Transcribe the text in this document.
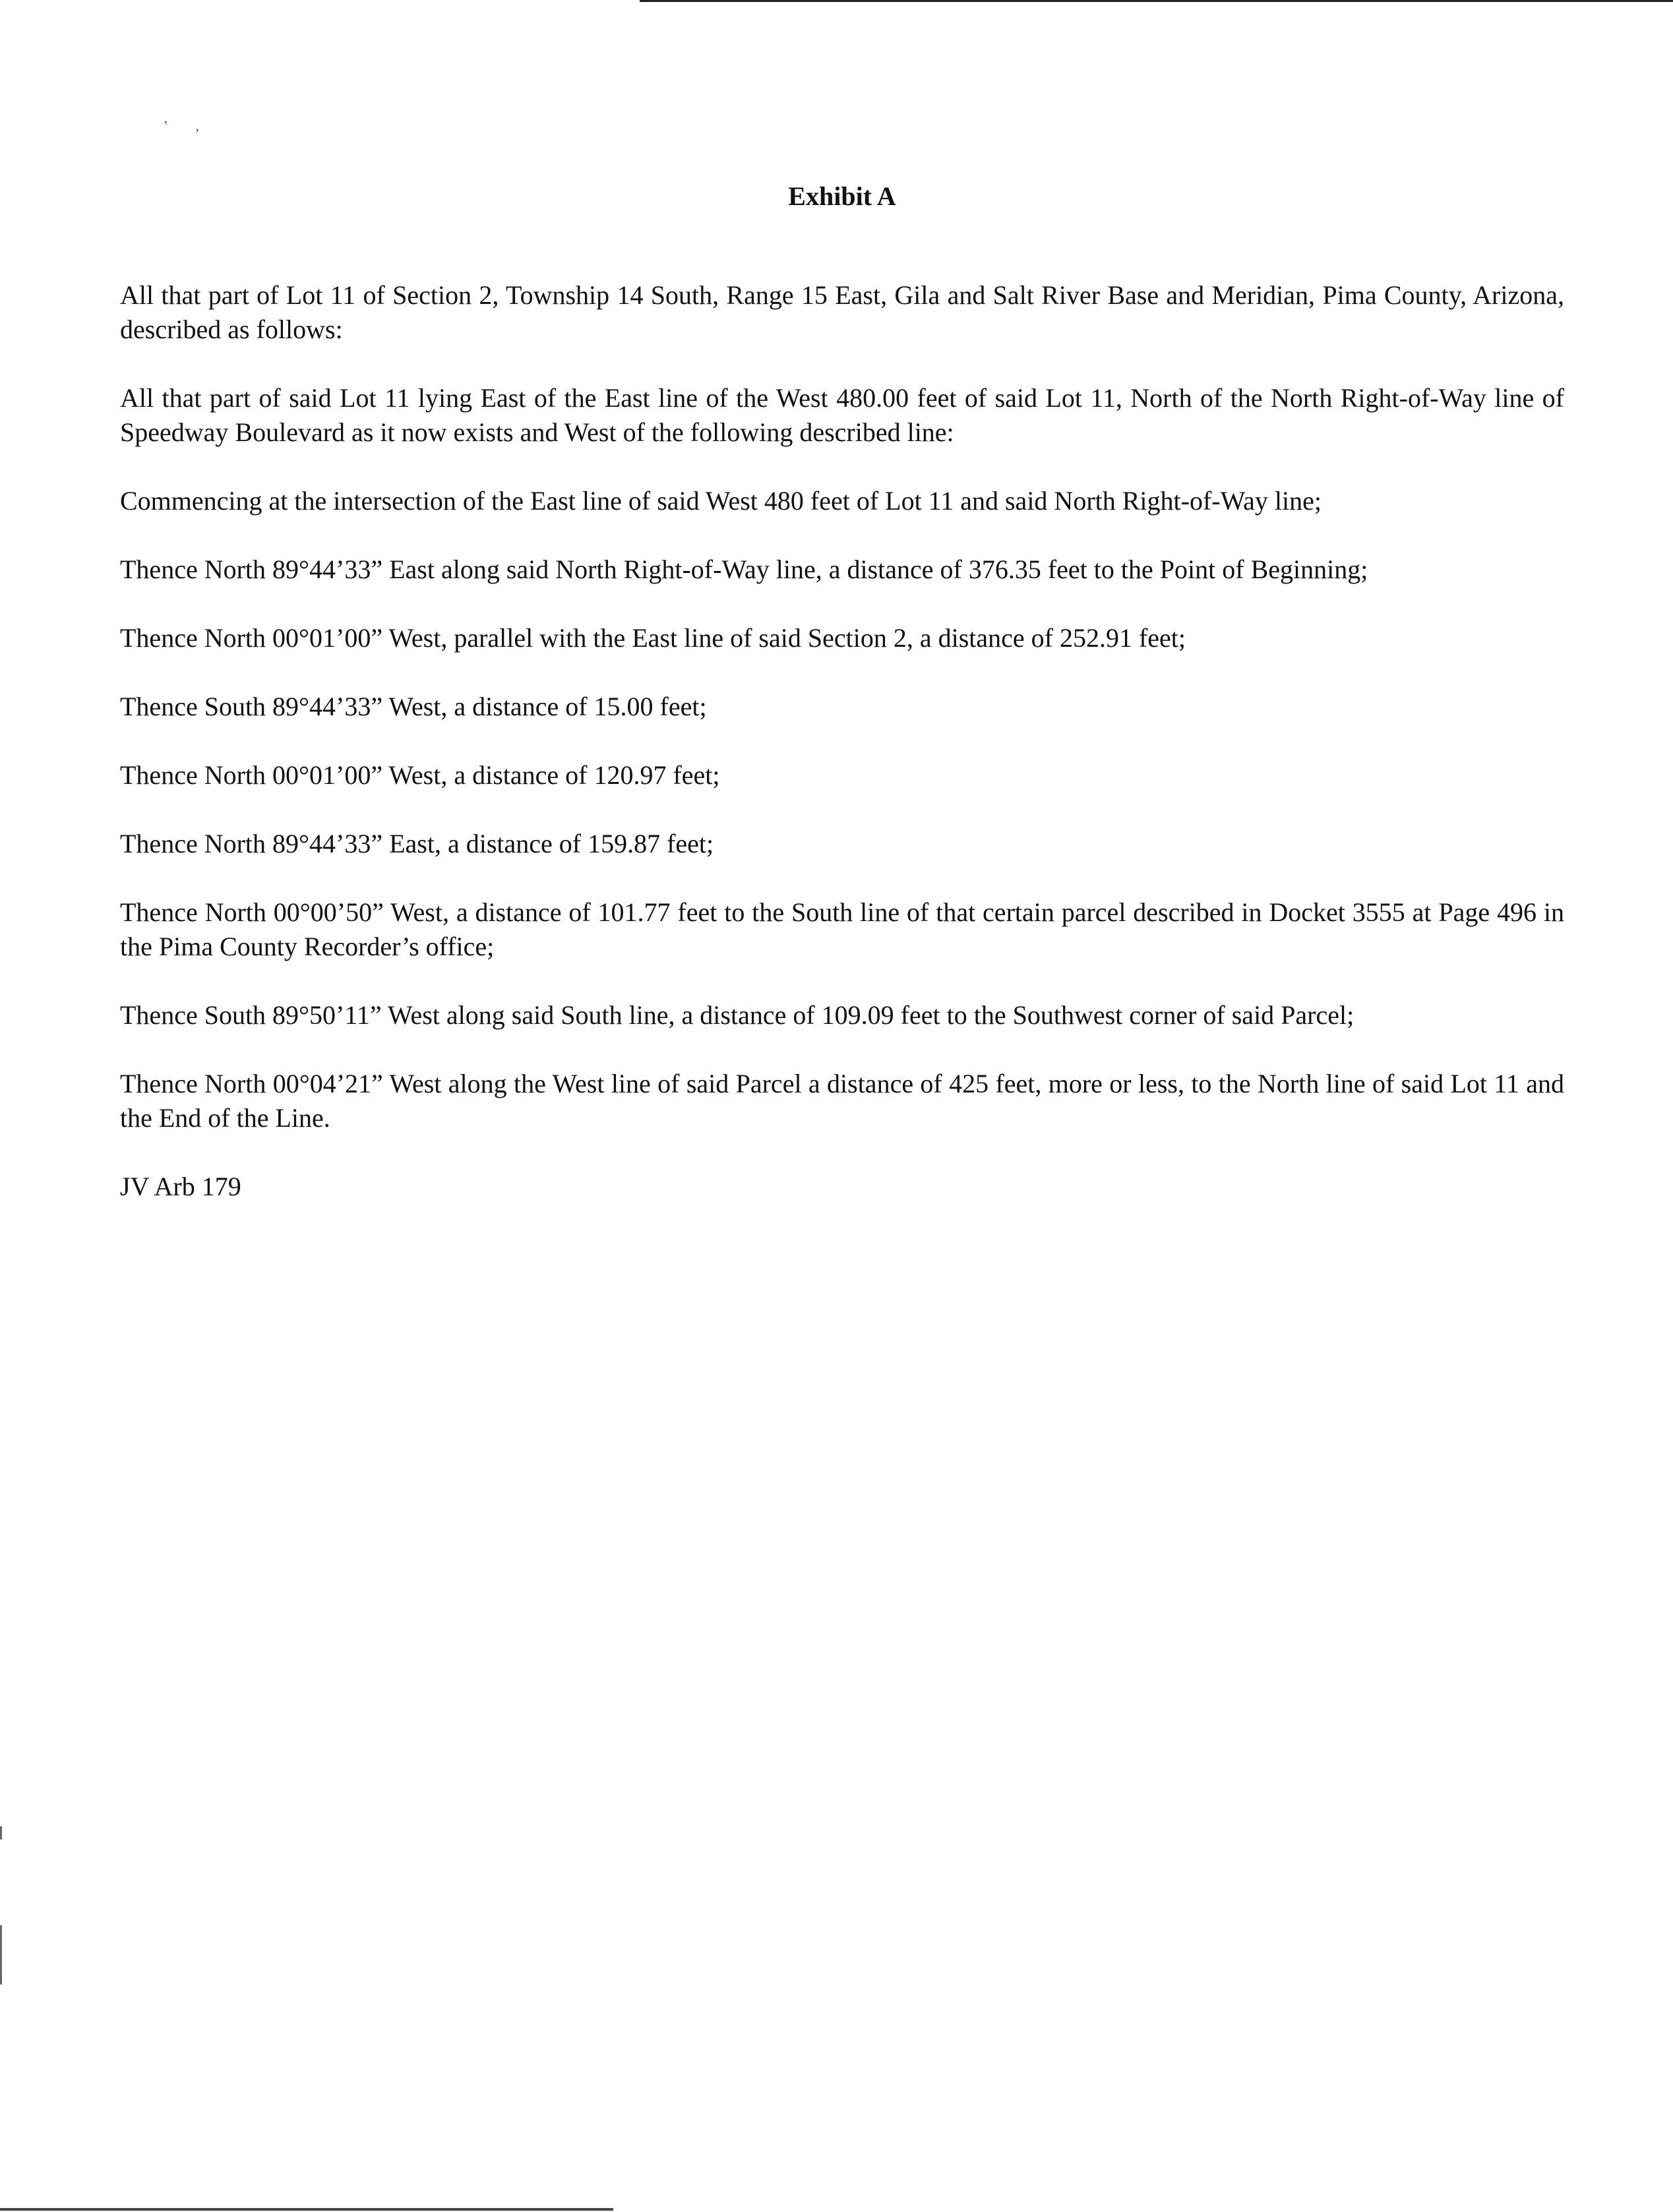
‛‚
Exhibit A

All that part of Lot 11 of Section 2, Township 14 South, Range 15 East, Gila and Salt River Base and Meridian, Pima County, Arizona, described as follows:

All that part of said Lot 11 lying East of the East line of the West 480.00 feet of said Lot 11, North of the North Right-of-Way line of Speedway Boulevard as it now exists and West of the following described line:

Commencing at the intersection of the East line of said West 480 feet of Lot 11 and said North Right-of-Way line;

Thence North 89°44’33” East along said North Right-of-Way line, a distance of 376.35 feet to the Point of Beginning;

Thence North 00°01’00” West, parallel with the East line of said Section 2, a distance of 252.91 feet;

Thence South 89°44’33” West, a distance of 15.00 feet;

Thence North 00°01’00” West, a distance of 120.97 feet;

Thence North 89°44’33” East, a distance of 159.87 feet;

Thence North 00°00’50” West, a distance of 101.77 feet to the South line of that certain parcel described in Docket 3555 at Page 496 in the Pima County Recorder’s office;

Thence South 89°50’11” West along said South line, a distance of 109.09 feet to the Southwest corner of said Parcel;

Thence North 00°04’21” West along the West line of said Parcel a distance of 425 feet, more or less, to the North line of said Lot 11 and the End of the Line.

JV Arb 179
